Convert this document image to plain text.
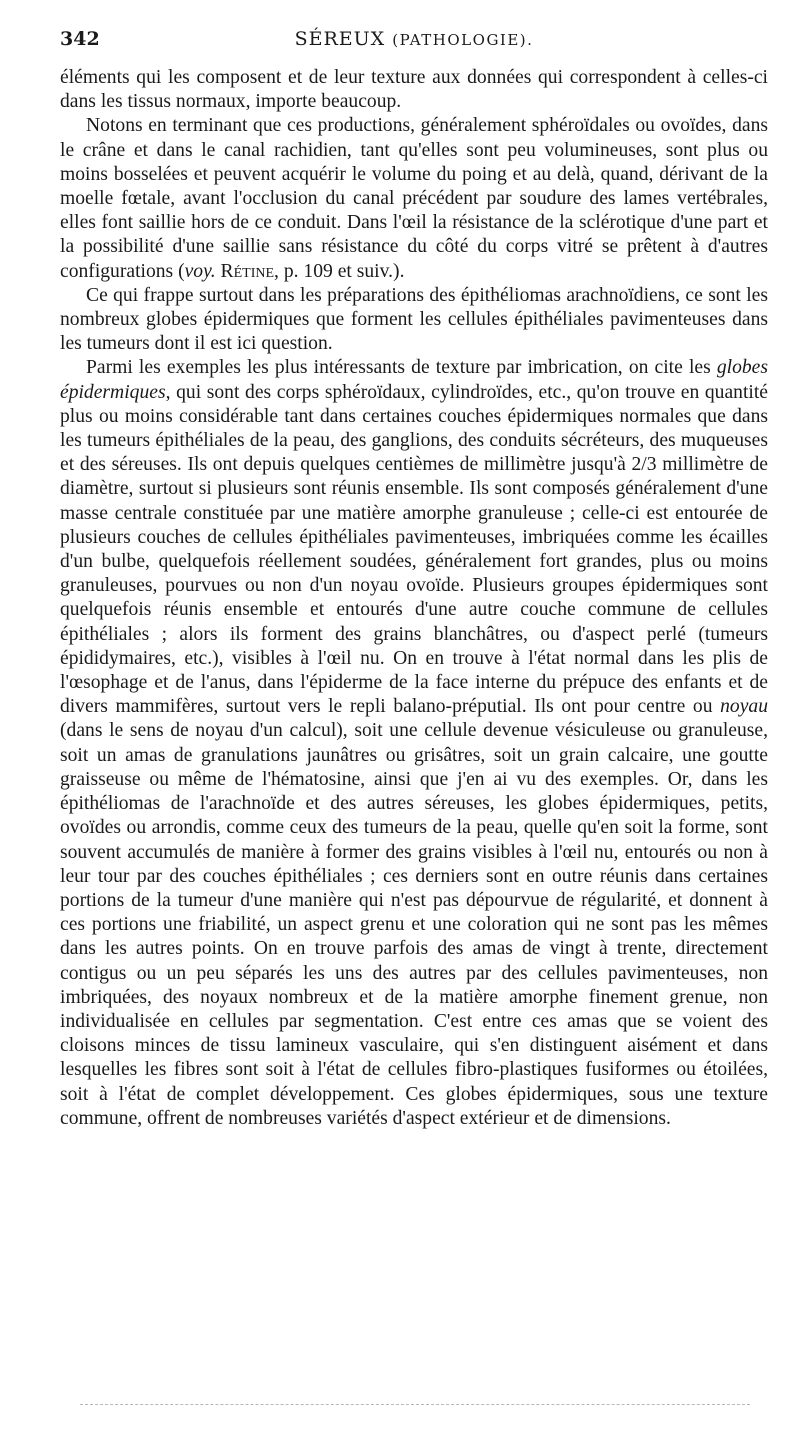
342	SÉREUX (PATHOLOGIE).

éléments qui les composent et de leur texture aux données qui correspondent à celles-ci dans les tissus normaux, importe beaucoup.

Notons en terminant que ces productions, généralement sphéroïdales ou ovoïdes, dans le crâne et dans le canal rachidien, tant qu'elles sont peu volumineuses, sont plus ou moins bosselées et peuvent acquérir le volume du poing et au delà, quand, dérivant de la moelle fœtale, avant l'occlusion du canal précédent par soudure des lames vertébrales, elles font saillie hors de ce conduit. Dans l'œil la résistance de la sclérotique d'une part et la possibilité d'une saillie sans résistance du côté du corps vitré se prêtent à d'autres configurations (voy. Rétine, p. 109 et suiv.).

Ce qui frappe surtout dans les préparations des épithéliomas arachnoïdiens, ce sont les nombreux globes épidermiques que forment les cellules épithéliales pavimenteuses dans les tumeurs dont il est ici question.

Parmi les exemples les plus intéressants de texture par imbrication, on cite les globes épidermiques, qui sont des corps sphéroïdaux, cylindroïdes, etc., qu'on trouve en quantité plus ou moins considérable tant dans certaines couches épidermiques normales que dans les tumeurs épithéliales de la peau, des ganglions, des conduits sécréteurs, des muqueuses et des séreuses. Ils ont depuis quelques centièmes de millimètre jusqu'à 2/3 millimètre de diamètre, surtout si plusieurs sont réunis ensemble. Ils sont composés généralement d'une masse centrale constituée par une matière amorphe granuleuse ; celle-ci est entourée de plusieurs couches de cellules épithéliales pavimenteuses, imbriquées comme les écailles d'un bulbe, quelquefois réellement soudées, généralement fort grandes, plus ou moins granuleuses, pourvues ou non d'un noyau ovoïde. Plusieurs groupes épidermiques sont quelquefois réunis ensemble et entourés d'une autre couche commune de cellules épithéliales ; alors ils forment des grains blanchâtres, ou d'aspect perlé (tumeurs épididymaires, etc.), visibles à l'œil nu. On en trouve à l'état normal dans les plis de l'œsophage et de l'anus, dans l'épiderme de la face interne du prépuce des enfants et de divers mammifères, surtout vers le repli balano-préputial. Ils ont pour centre ou noyau (dans le sens de noyau d'un calcul), soit une cellule devenue vésiculeuse ou granuleuse, soit un amas de granulations jaunâtres ou grisâtres, soit un grain calcaire, une goutte graisseuse ou même de l'hématosine, ainsi que j'en ai vu des exemples. Or, dans les épithéliomas de l'arachnoïde et des autres séreuses, les globes épidermiques, petits, ovoïdes ou arrondis, comme ceux des tumeurs de la peau, quelle qu'en soit la forme, sont souvent accumulés de manière à former des grains visibles à l'œil nu, entourés ou non à leur tour par des couches épithéliales ; ces derniers sont en outre réunis dans certaines portions de la tumeur d'une manière qui n'est pas dépourvue de régularité, et donnent à ces portions une friabilité, un aspect grenu et une coloration qui ne sont pas les mêmes dans les autres points. On en trouve parfois des amas de vingt à trente, directement contigus ou un peu séparés les uns des autres par des cellules pavimenteuses, non imbriquées, des noyaux nombreux et de la matière amorphe finement grenue, non individualisée en cellules par segmentation. C'est entre ces amas que se voient des cloisons minces de tissu lamineux vasculaire, qui s'en distinguent aisément et dans lesquelles les fibres sont soit à l'état de cellules fibro-plastiques fusiformes ou étoilées, soit à l'état de complet développement. Ces globes épidermiques, sous une texture commune, offrent de nombreuses variétés d'aspect extérieur et de dimensions.
